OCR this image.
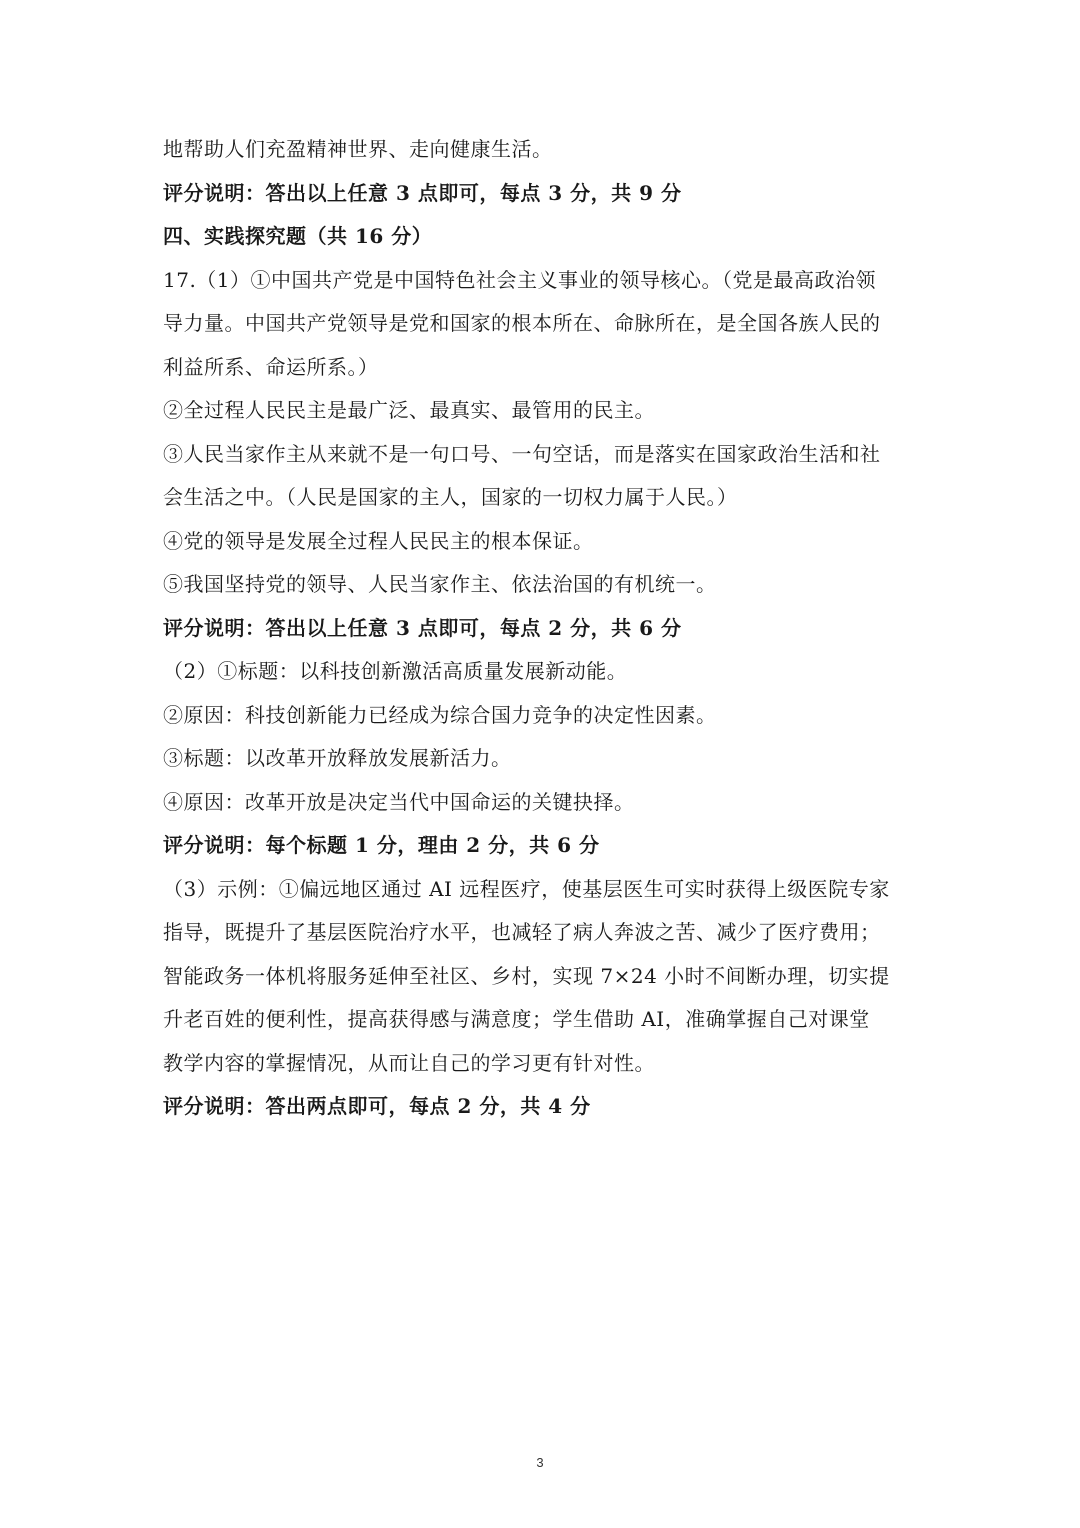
地帮助人们充盈精神世界、走向健康生活。
评分说明：答出以上任意 3 点即可，每点 3 分，共 9 分
四、实践探究题（共 16 分）
17.（1）①中国共产党是中国特色社会主义事业的领导核心。（党是最高政治领
导力量。中国共产党领导是党和国家的根本所在、命脉所在，是全国各族人民的
利益所系、命运所系。）
②全过程人民民主是最广泛、最真实、最管用的民主。
③人民当家作主从来就不是一句口号、一句空话，而是落实在国家政治生活和社
会生活之中。（人民是国家的主人，国家的一切权力属于人民。）
④党的领导是发展全过程人民民主的根本保证。
⑤我国坚持党的领导、人民当家作主、依法治国的有机统一。
评分说明：答出以上任意 3 点即可，每点 2 分，共 6 分
（2）①标题：以科技创新激活高质量发展新动能。
②原因：科技创新能力已经成为综合国力竞争的决定性因素。
③标题：以改革开放释放发展新活力。
④原因：改革开放是决定当代中国命运的关键抉择。
评分说明：每个标题 1 分，理由 2 分，共 6 分
（3）示例：①偏远地区通过 AI 远程医疗，使基层医生可实时获得上级医院专家
指导，既提升了基层医院治疗水平，也减轻了病人奔波之苦、减少了医疗费用；
智能政务一体机将服务延伸至社区、乡村，实现 7×24 小时不间断办理，切实提
升老百姓的便利性，提高获得感与满意度；学生借助 AI，准确掌握自己对课堂
教学内容的掌握情况，从而让自己的学习更有针对性。
评分说明：答出两点即可，每点 2 分，共 4 分
3
